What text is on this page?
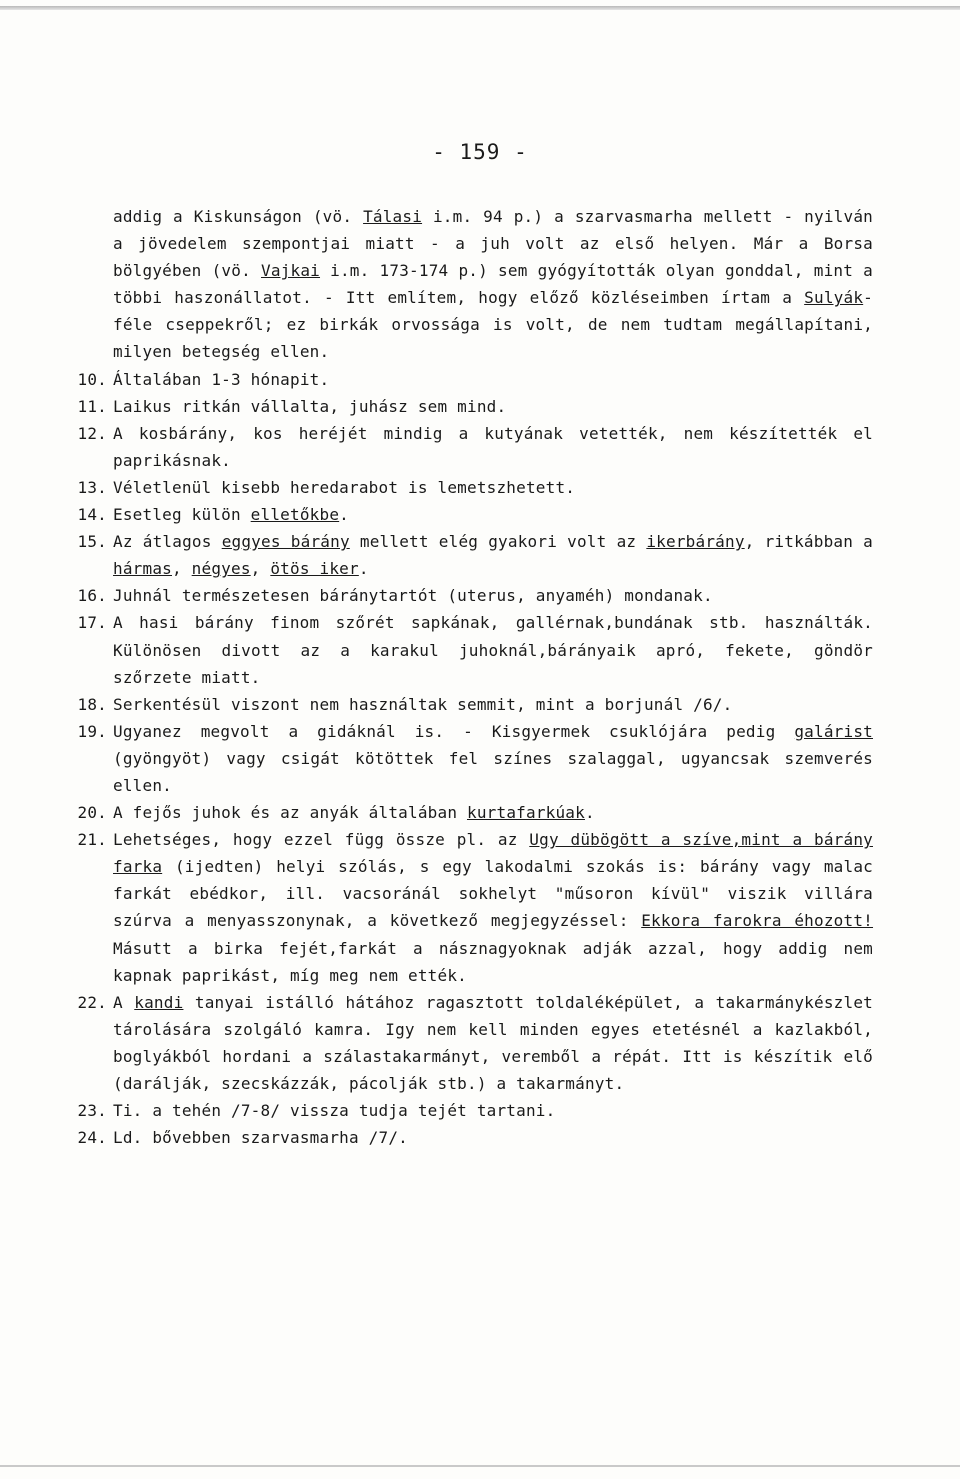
- 159 -

addig a Kiskunságon (vö. Tálasi i.m. 94 p.) a szarvasmarha mellett - nyilván a jövedelem szempontjai miatt - a juh volt az első helyen. Már a Borsa bölgyében (vö. Vajkai i.m. 173-174 p.) sem gyógyították olyan gonddal, mint a többi haszonállatot. - Itt említem, hogy előző közléseimben írtam a Sulyák-féle cseppekről; ez birkák orvossága is volt, de nem tudtam megállapítani, milyen betegség ellen.

10. Általában 1-3 hónapit.
11. Laikus ritkán vállalta, juhász sem mind.
12. A kosbárány, kos heréjét mindig a kutyának vetették, nem készítették el paprikásnak.
13. Véletlenül kisebb heredarabot is lemetszhetett.
14. Esetleg külön elletőkbe.
15. Az átlagos eggyes bárány mellett elég gyakori volt az ikerbárány, ritkábban a hármas, négyes, ötös iker.
16. Juhnál természetesen báránytartót (uterus, anyaméh) mondanak.
17. A hasi bárány finom szőrét sapkának, gallérnak,bundának stb. használták. Különösen divott az a karakul juhoknál,bárányaik apró, fekete, göndör szőrzete miatt.
18. Serkentésül viszont nem használtak semmit, mint a borjunál /6/.
19. Ugyanez megvolt a gidáknál is. - Kisgyermek csuklójára pedig galárist (gyöngyöt) vagy csigát kötöttek fel színes szalaggal, ugyancsak szemverés ellen.
20. A fejős juhok és az anyák általában kurtafarkúak.
21. Lehetséges, hogy ezzel függ össze pl. az Ugy dübögött a szíve,mint a bárány farka (ijedten) helyi szólás, s egy lakodalmi szokás is: bárány vagy malac farkát ebédkor, ill. vacsoránál sokhelyt "műsoron kívül" viszik villára szúrva a menyasszonynak, a következő megjegyzéssel: Ekkora farokra éhozott! Másutt a birka fejét,farkát a násznagyoknak adják azzal, hogy addig nem kapnak paprikást, míg meg nem ették.
22. A kandi tanyai istálló hátához ragasztott toldaléképület, a takarmánykészlet tárolására szolgáló kamra. Igy nem kell minden egyes etetésnél a kazlakból, boglyákból hordani a szálastakarmányt, veremből a répát. Itt is készítik elő (darálják, szecskázzák, pácolják stb.) a takarmányt.
23. Ti. a tehén /7-8/ vissza tudja tejét tartani.
24. Ld. bővebben szarvasmarha /7/.
